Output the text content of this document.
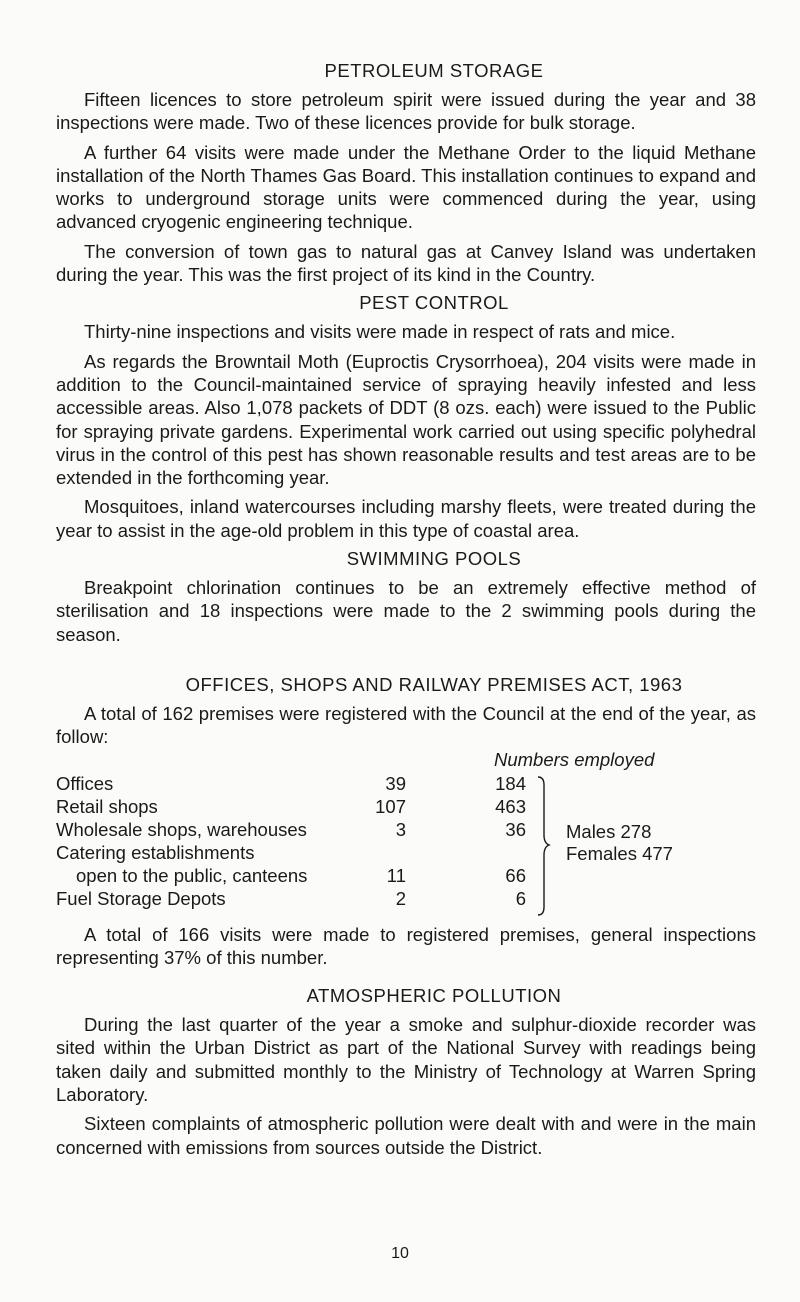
PETROLEUM STORAGE

Fifteen licences to store petroleum spirit were issued during the year and 38 inspections were made. Two of these licences provide for bulk storage.

A further 64 visits were made under the Methane Order to the liquid Methane installation of the North Thames Gas Board. This installation continues to expand and works to underground storage units were commenced during the year, using advanced cryogenic engineering technique.

The conversion of town gas to natural gas at Canvey Island was undertaken during the year. This was the first project of its kind in the Country.

PEST CONTROL

Thirty-nine inspections and visits were made in respect of rats and mice.

As regards the Browntail Moth (Euproctis Crysorrhoea), 204 visits were made in addition to the Council-maintained service of spraying heavily infested and less accessible areas. Also 1,078 packets of DDT (8 ozs. each) were issued to the Public for spraying private gardens. Experimental work carried out using specific polyhedral virus in the control of this pest has shown reasonable results and test areas are to be extended in the forthcoming year.

Mosquitoes, inland watercourses including marshy fleets, were treated during the year to assist in the age-old problem in this type of coastal area.

SWIMMING POOLS

Breakpoint chlorination continues to be an extremely effective method of sterilisation and 18 inspections were made to the 2 swimming pools during the season.

OFFICES, SHOPS AND RAILWAY PREMISES ACT, 1963

A total of 162 premises were registered with the Council at the end of the year, as follow:

Numbers employed
Offices	39	184
Retail shops	107	463
Wholesale shops, warehouses	3	36
Catering establishments
open to the public, canteens	11	66
Fuel Storage Depots	2	6
Males 278
Females 477

A total of 166 visits were made to registered premises, general inspections representing 37% of this number.

ATMOSPHERIC POLLUTION

During the last quarter of the year a smoke and sulphur-dioxide recorder was sited within the Urban District as part of the National Survey with readings being taken daily and submitted monthly to the Ministry of Technology at Warren Spring Laboratory.

Sixteen complaints of atmospheric pollution were dealt with and were in the main concerned with emissions from sources outside the District.

10
